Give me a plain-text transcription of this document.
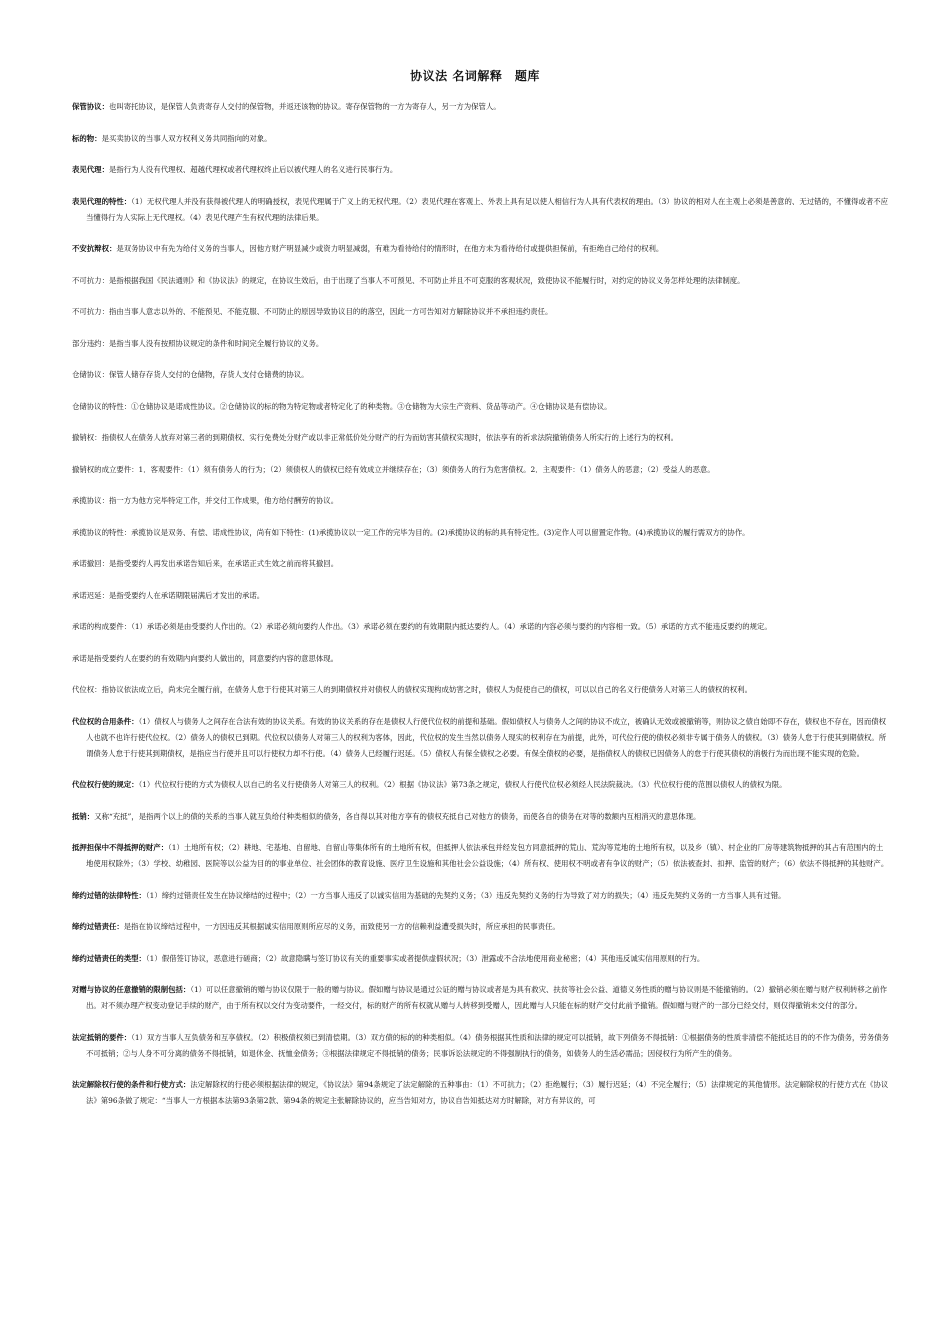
协议法 名词解释　题库

保管协议：也叫寄托协议，是保管人负责寄存人交付的保管物，并返还该物的协议。寄存保管物的一方为寄存人，另一方为保管人。

标的物：是买卖协议的当事人双方权利义务共同指向的对象。

表见代理：是指行为人没有代理权、超越代理权或者代理权终止后以被代理人的名义进行民事行为。

表见代理的特性：（1）无权代理人并没有获得被代理人的明确授权，表见代理属于广义上的无权代理。（2）表见代理在客观上、外表上具有足以使人相信行为人具有代表权的理由。（3）协议的相对人在主观上必须是善意的、无过错的，不懂得或者不应当懂得行为人实际上无代理权。（4）表见代理产生有权代理的法律后果。

不安抗辩权：是双务协议中有先为给付义务的当事人，因他方财产明显减少或资力明显减弱，有难为看待给付的情形时，在他方未为看待给付或提供担保前，有拒绝自己给付的权利。

不可抗力：是指根据我国《民法通则》和《协议法》的规定，在协议生效后，由于出现了当事人不可预见、不可防止并且不可克服的客观状况，致使协议不能履行时，对约定的协议义务怎样处理的法律制度。

不可抗力：指由当事人意志以外的、不能预见、不能克服、不可防止的原因导致协议目的的落空，因此一方可告知对方解除协议并不承担违约责任。

部分违约：是指当事人没有按照协议规定的条件和时间完全履行协议的义务。

仓储协议：保管人储存存货人交付的仓储物，存货人支付仓储费的协议。

仓储协议的特性：①仓储协议是诺成性协议。②仓储协议的标的物为特定物或者特定化了的种类物。③仓储物为大宗生产资料、货品等动产。④仓储协议是有偿协议。

撤销权：指债权人在债务人放弃对第三者的到期债权、实行免费处分财产或以非正常低价处分财产的行为而妨害其债权实现时，依法享有的祈求法院撤销债务人所实行的上述行为的权利。

撤销权的成立要件：1．客观要件：（1）须有债务人的行为；（2）须债权人的债权已经有效成立并继续存在；（3）须债务人的行为危害债权。2．主观要件：（1）债务人的恶意；（2）受益人的恶意。

承揽协议：指一方为他方完毕特定工作，并交付工作成果，他方给付酬劳的协议。

承揽协议的特性：承揽协议是双务、有偿、诺成性协议，尚有如下特性：(1)承揽协议以一定工作的完毕为目的。(2)承揽协议的标的具有特定性。(3)定作人可以留置定作物。(4)承揽协议的履行需双方的协作。

承诺撤回：是指受要约人再发出承诺告知后来，在承诺正式生效之前而将其撤回。

承诺迟延：是指受要约人在承诺期限届满后才发出的承诺。

承诺的构成要件：（1）承诺必须是由受要约人作出的。（2）承诺必须向要约人作出。（3）承诺必须在要约的有效期限内抵达要约人。（4）承诺的内容必须与要约的内容相一致。（5）承诺的方式不能违反要约的规定。

承诺是指受要约人在要约的有效期内向要约人做出的，同意要约内容的意思体现。

代位权：指协议依法成立后，尚未完全履行前，在债务人怠于行使其对第三人的到期债权并对债权人的债权实现构成妨害之时，债权人为促使自己的债权，可以以自己的名义行使债务人对第三人的债权的权利。

代位权的合用条件：（1）债权人与债务人之间存在合法有效的协议关系。有效的协议关系的存在是债权人行使代位权的前提和基础。假如债权人与债务人之间的协议不成立，被确认无效或被撤销等，则协议之债自始即不存在，债权也不存在，因而债权人也就不也许行使代位权。（2）债务人的债权已到期。代位权以债务人对第三人的权利为客体，因此，代位权的发生当然以债务人现实的权利存在为前提，此外，可代位行使的债权必须非专属于债务人的债权。（3）债务人怠于行使其到期债权。所谓债务人怠于行使其到期债权，是指应当行使并且可以行使权力却不行使。（4）债务人已经履行迟延。（5）债权人有保全债权之必要。有保全债权的必要，是指债权人的债权已因债务人的怠于行使其债权的消极行为而出现不能实现的危险。

代位权行使的规定：（1）代位权行使的方式为债权人以自己的名义行使债务人对第三人的权利。（2）根据《协议法》第73条之规定，债权人行使代位权必须经人民法院裁决。（3）代位权行使的范围以债权人的债权为限。

抵销：又称“充抵”，是指两个以上的债的关系的当事人就互负给付种类相似的债务，各自得以其对他方享有的债权充抵自己对他方的债务，而使各自的债务在对等的数额内互相消灭的意思体现。

抵押担保中不得抵押的财产：（1）土地所有权；（2）耕地、宅基地、自留地、自留山等集体所有的土地所有权，但抵押人依法承包并经发包方同意抵押的荒山、荒沟等荒地的土地所有权，以及乡（镇）、村企业的厂房等建筑物抵押的其占有范围内的土地使用权除外；（3）学校、幼稚园、医院等以公益为目的的事业单位、社会团体的教育设施、医疗卫生设施和其他社会公益设施；（4）所有权、使用权不明或者有争议的财产；（5）依法被查封、扣押、监管的财产；（6）依法不得抵押的其他财产。

缔约过错的法律特性：（1）缔约过错责任发生在协议缔结的过程中；（2）一方当事人违反了以诚实信用为基础的先契约义务；（3）违反先契约义务的行为导致了对方的损失；（4）违反先契约义务的一方当事人具有过错。

缔约过错责任：是指在协议缔结过程中，一方因违反其根据诚实信用原则所应尽的义务，而致使另一方的信赖利益遭受损失时，所应承担的民事责任。

缔约过错责任的类型：（1）假借签订协议，恶意进行磋商；（2）故意隐瞒与签订协议有关的重要事实或者提供虚假状况；（3）泄露或不合法地使用商业秘密；（4）其他违反诚实信用原则的行为。

对赠与协议的任意撤销的限制包括：（1）可以任意撤销的赠与协议仅限于一般的赠与协议。假如赠与协议是通过公证的赠与协议或者是为具有救灾、扶贫等社会公益、道德义务性质的赠与协议则是不能撤销的。（2）撤销必须在赠与财产权利转移之前作出。对不须办理产权变动登记手续的财产，由于所有权以交付为变动要件，一经交付，标的财产的所有权就从赠与人转移到受赠人，因此赠与人只能在标的财产交付此前予撤销。假如赠与财产的一部分已经交付，则仅得撤销未交付的部分。

法定抵销的要件：（1）双方当事人互负债务和互享债权。（2）积极债权须已到清偿期。（3）双方债的标的的种类相似。（4）债务根据其性质和法律的规定可以抵销，故下列债务不得抵销：①根据债务的性质非清偿不能抵达目的的不作为债务，劳务债务不可抵销；②与人身不可分离的债务不得抵销，如退休金、抚恤金债务；③根据法律规定不得抵销的债务；民事诉讼法规定的不得强制执行的债务，如债务人的生活必需品；因侵权行为所产生的债务。

法定解除权行使的条件和行使方式：法定解除权的行使必须根据法律的规定，《协议法》第94条规定了法定解除的五种事由：（1）不可抗力；（2）拒绝履行；（3）履行迟延；（4）不完全履行；（5）法律规定的其他情形。法定解除权的行使方式在《协议法》第96条做了规定：“当事人一方根据本法第93条第2款、第94条的规定主张解除协议的，应当告知对方，协议自告知抵达对方时解除，对方有异议的，可
